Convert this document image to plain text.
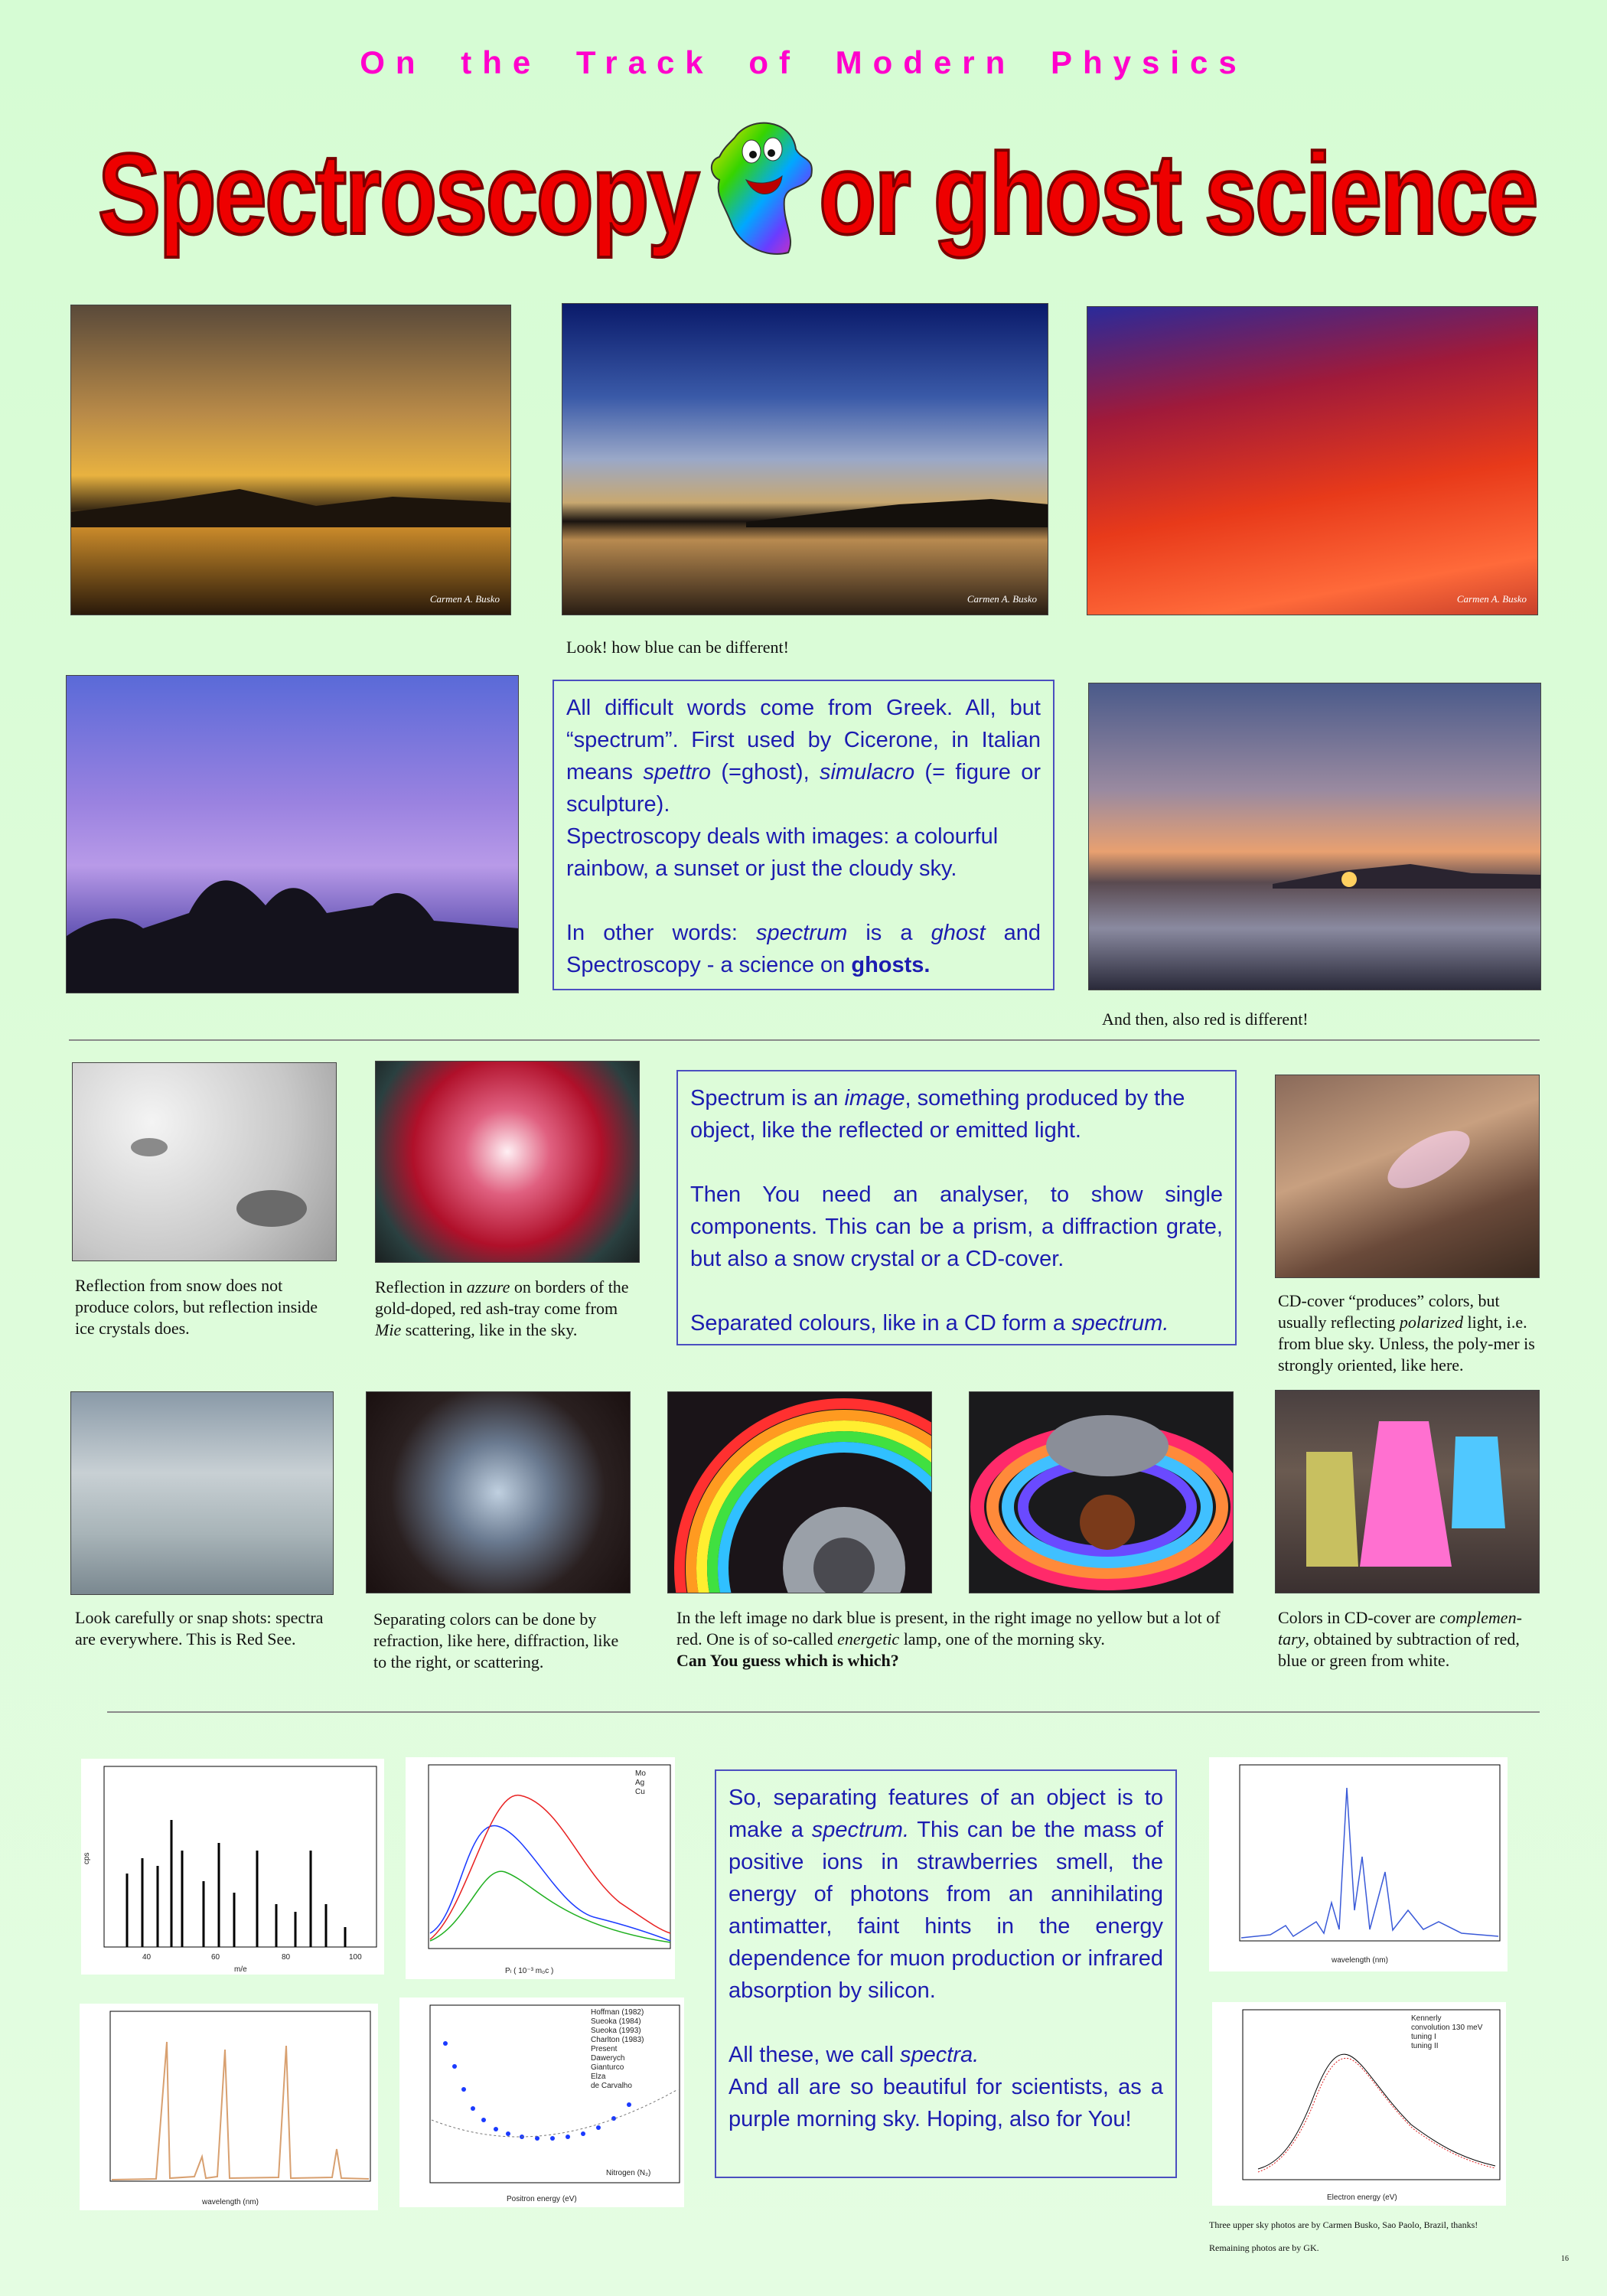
On the Track of Modern Physics
Spectroscopy or ghost science
Carmen A. Busko	Carmen A. Busko	Carmen A. Busko
Look! how blue can be different!

All difficult words come from Greek. All, but “spectrum”. First used by Cicerone, in Italian means spettro (=ghost), simulacro (= figure or sculpture).

Spectroscopy deals with images: a colourful rainbow, a sunset or just the cloudy sky.

In other words: spectrum is a ghost and Spectroscopy - a science on ghosts.

And then, also red is different!
Reflection from snow does not produce colors, but reflection inside ice crystals does.
Reflection in azzure on borders of the gold-doped, red ash-tray come from Mie scattering, like in the sky.

Spectrum is an image, something produced by the object, like the reflected or emitted light.

Then You need an analyser, to show single components. This can be a prism, a diffraction grate, but also a snow crystal or a CD-cover.

Separated colours, like in a CD form a spectrum.

CD-cover “produces” colors, but usually reflecting polarized light, i.e. from blue sky. Unless, the poly-mer is strongly oriented, like here.
Look carefully or snap shots: spectra are everywhere. This is Red See.
Separating colors can be done by refraction, like here, diffraction, like to the right, or scattering.
In the left image no dark blue is present, in the right image no yellow but a lot of red. One is of so-called energetic lamp, one of the morning sky.
Can You guess which is which?
Colors in CD-cover are complemen-tary, obtained by subtraction of red, blue or green from white.
cps
40	60	80	100
m/e
Mo
Ag
Cu
Pₗ ( 10⁻³ m₀c )

So, separating features of an object is to make a spectrum. This can be the mass of positive ions in strawberries smell, the energy of photons from an annihilating antimatter, faint hints in the energy dependence for muon production or infrared absorption by silicon.

All these, we call spectra.

And all are so beautiful for scientists, as a purple morning sky. Hoping, also for You!

wavelength (nm)
wavelength (nm)
Hoffman (1982)
Sueoka (1984)
Sueoka (1993)
Charlton (1983)
Present
Dawerych
Gianturco
Elza
de Carvalho
Nitrogen (N₂)
Positron energy (eV)
Kennerly
convolution 130 meV
tuning I
tuning II
Electron energy (eV)
Three upper sky photos are by Carmen Busko, Sao Paolo, Brazil, thanks!
Remaining photos are by GK.
16
